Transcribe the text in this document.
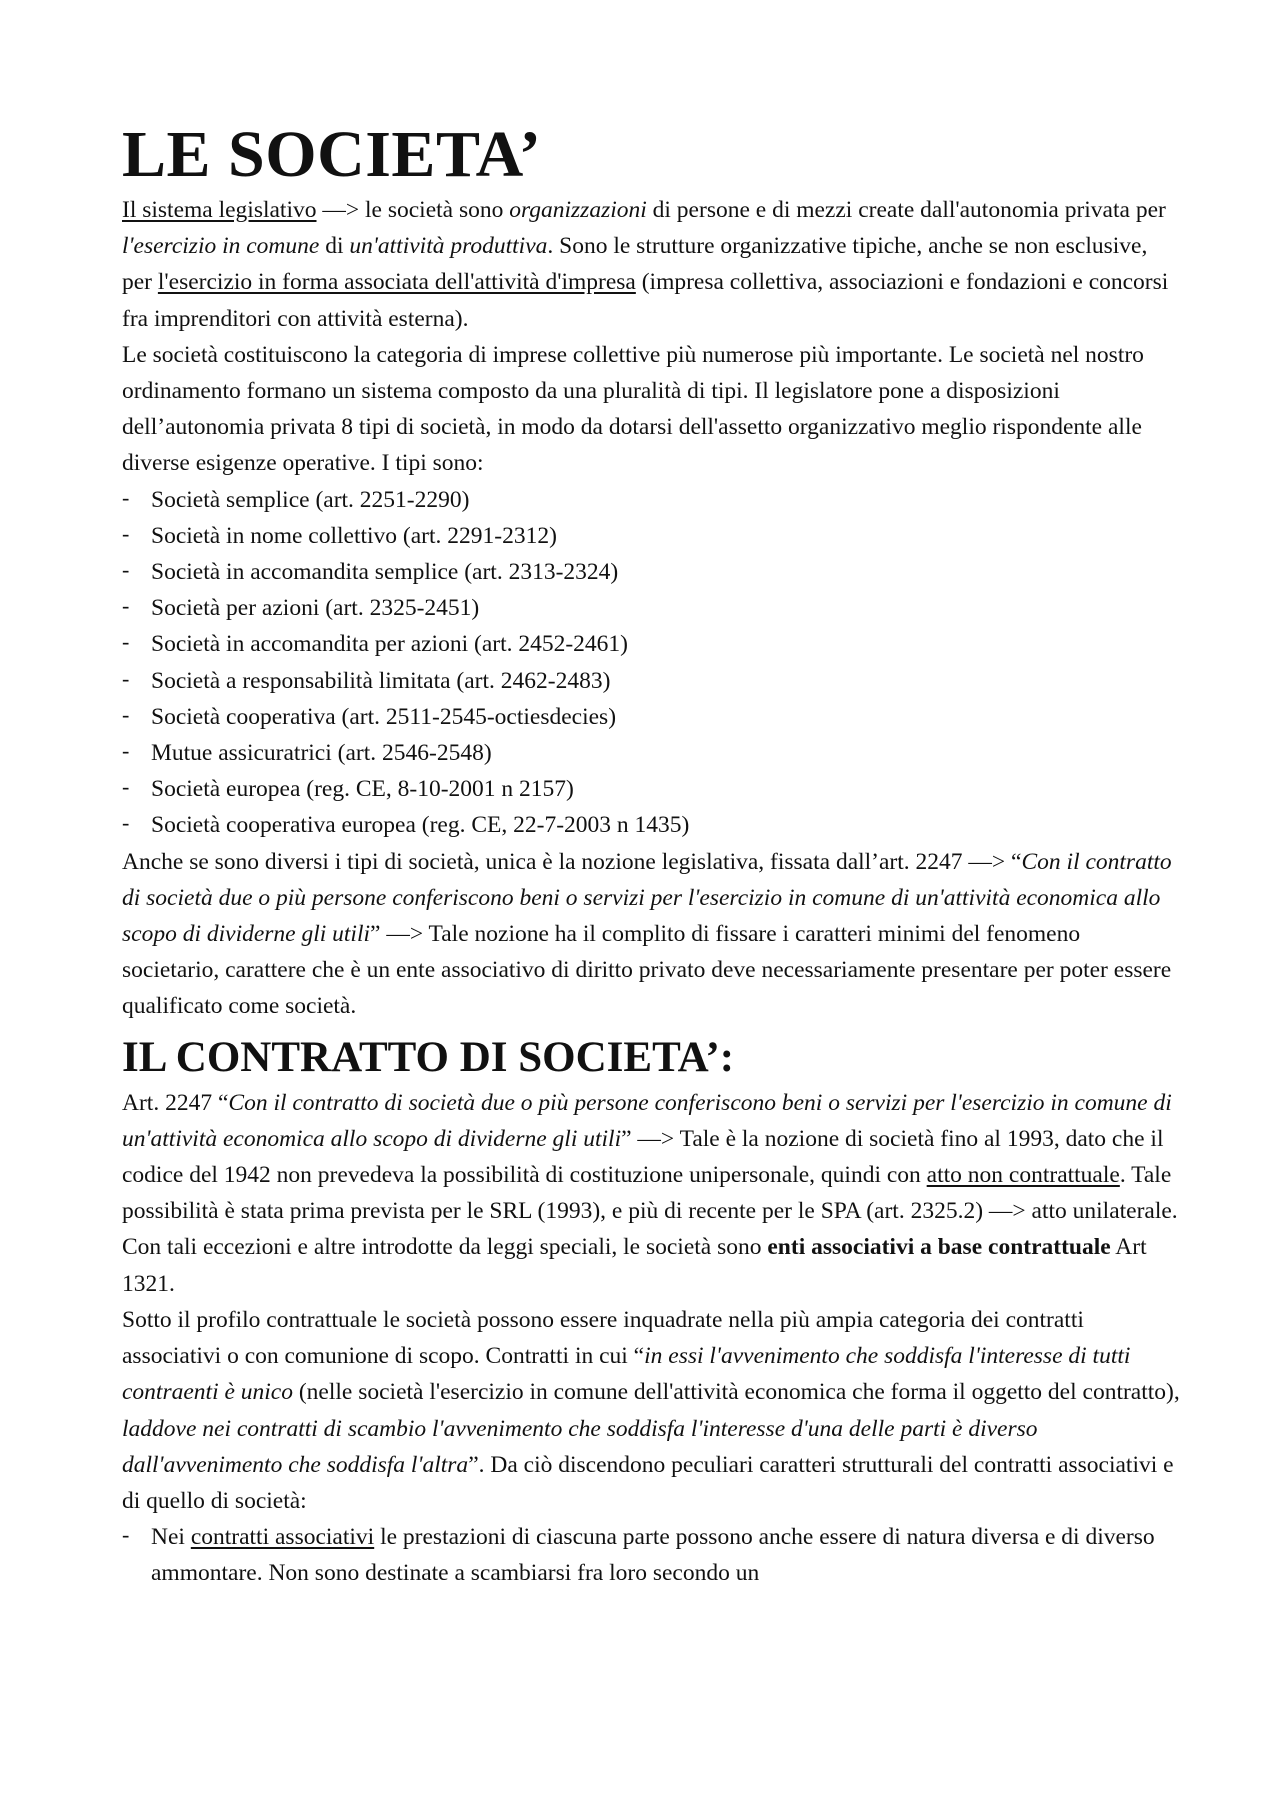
LE SOCIETA’

Il sistema legislativo —> le società sono organizzazioni di persone e di mezzi create dall'autonomia privata per l'esercizio in comune di un'attività produttiva. Sono le strutture organizzative tipiche, anche se non esclusive, per l'esercizio in forma associata dell'attività d'impresa (impresa collettiva, associazioni e fondazioni e concorsi fra imprenditori con attività esterna).

Le società costituiscono la categoria di imprese collettive più numerose più importante. Le società nel nostro ordinamento formano un sistema composto da una pluralità di tipi. Il legislatore pone a disposizioni dell’autonomia privata 8 tipi di società, in modo da dotarsi dell'assetto organizzativo meglio rispondente alle diverse esigenze operative. I tipi sono:

- Società semplice (art. 2251-2290)
- Società in nome collettivo (art. 2291-2312)
- Società in accomandita semplice (art. 2313-2324)
- Società per azioni (art. 2325-2451)
- Società in accomandita per azioni (art. 2452-2461)
- Società a responsabilità limitata (art. 2462-2483)
- Società cooperativa (art. 2511-2545-octiesdecies)
- Mutue assicuratrici (art. 2546-2548)
- Società europea (reg. CE, 8-10-2001 n 2157)
- Società cooperativa europea (reg. CE, 22-7-2003 n 1435)

Anche se sono diversi i tipi di società, unica è la nozione legislativa, fissata dall’art. 2247 —> “Con il contratto di società due o più persone conferiscono beni o servizi per l'esercizio in comune di un'attività economica allo scopo di dividerne gli utili” —> Tale nozione ha il complito di fissare i caratteri minimi del fenomeno societario, carattere che è un ente associativo di diritto privato deve necessariamente presentare per poter essere qualificato come società.

IL CONTRATTO DI SOCIETA’:

Art. 2247 “Con il contratto di società due o più persone conferiscono beni o servizi per l'esercizio in comune di un'attività economica allo scopo di dividerne gli utili” —> Tale è la nozione di società fino al 1993, dato che il codice del 1942 non prevedeva la possibilità di costituzione unipersonale, quindi con atto non contrattuale. Tale possibilità è stata prima prevista per le SRL (1993), e più di recente per le SPA (art. 2325.2) —> atto unilaterale.

Con tali eccezioni e altre introdotte da leggi speciali, le società sono enti associativi a base contrattuale Art 1321.

Sotto il profilo contrattuale le società possono essere inquadrate nella più ampia categoria dei contratti associativi o con comunione di scopo. Contratti in cui “in essi l'avvenimento che soddisfa l'interesse di tutti contraenti è unico (nelle società l'esercizio in comune dell'attività economica che forma il oggetto del contratto), laddove nei contratti di scambio l'avvenimento che soddisfa l'interesse d'una delle parti è diverso dall'avvenimento che soddisfa l'altra”. Da ciò discendono peculiari caratteri strutturali del contratti associativi e di quello di società:

- Nei contratti associativi le prestazioni di ciascuna parte possono anche essere di natura diversa e di diverso ammontare. Non sono destinate a scambiarsi fra loro secondo un
